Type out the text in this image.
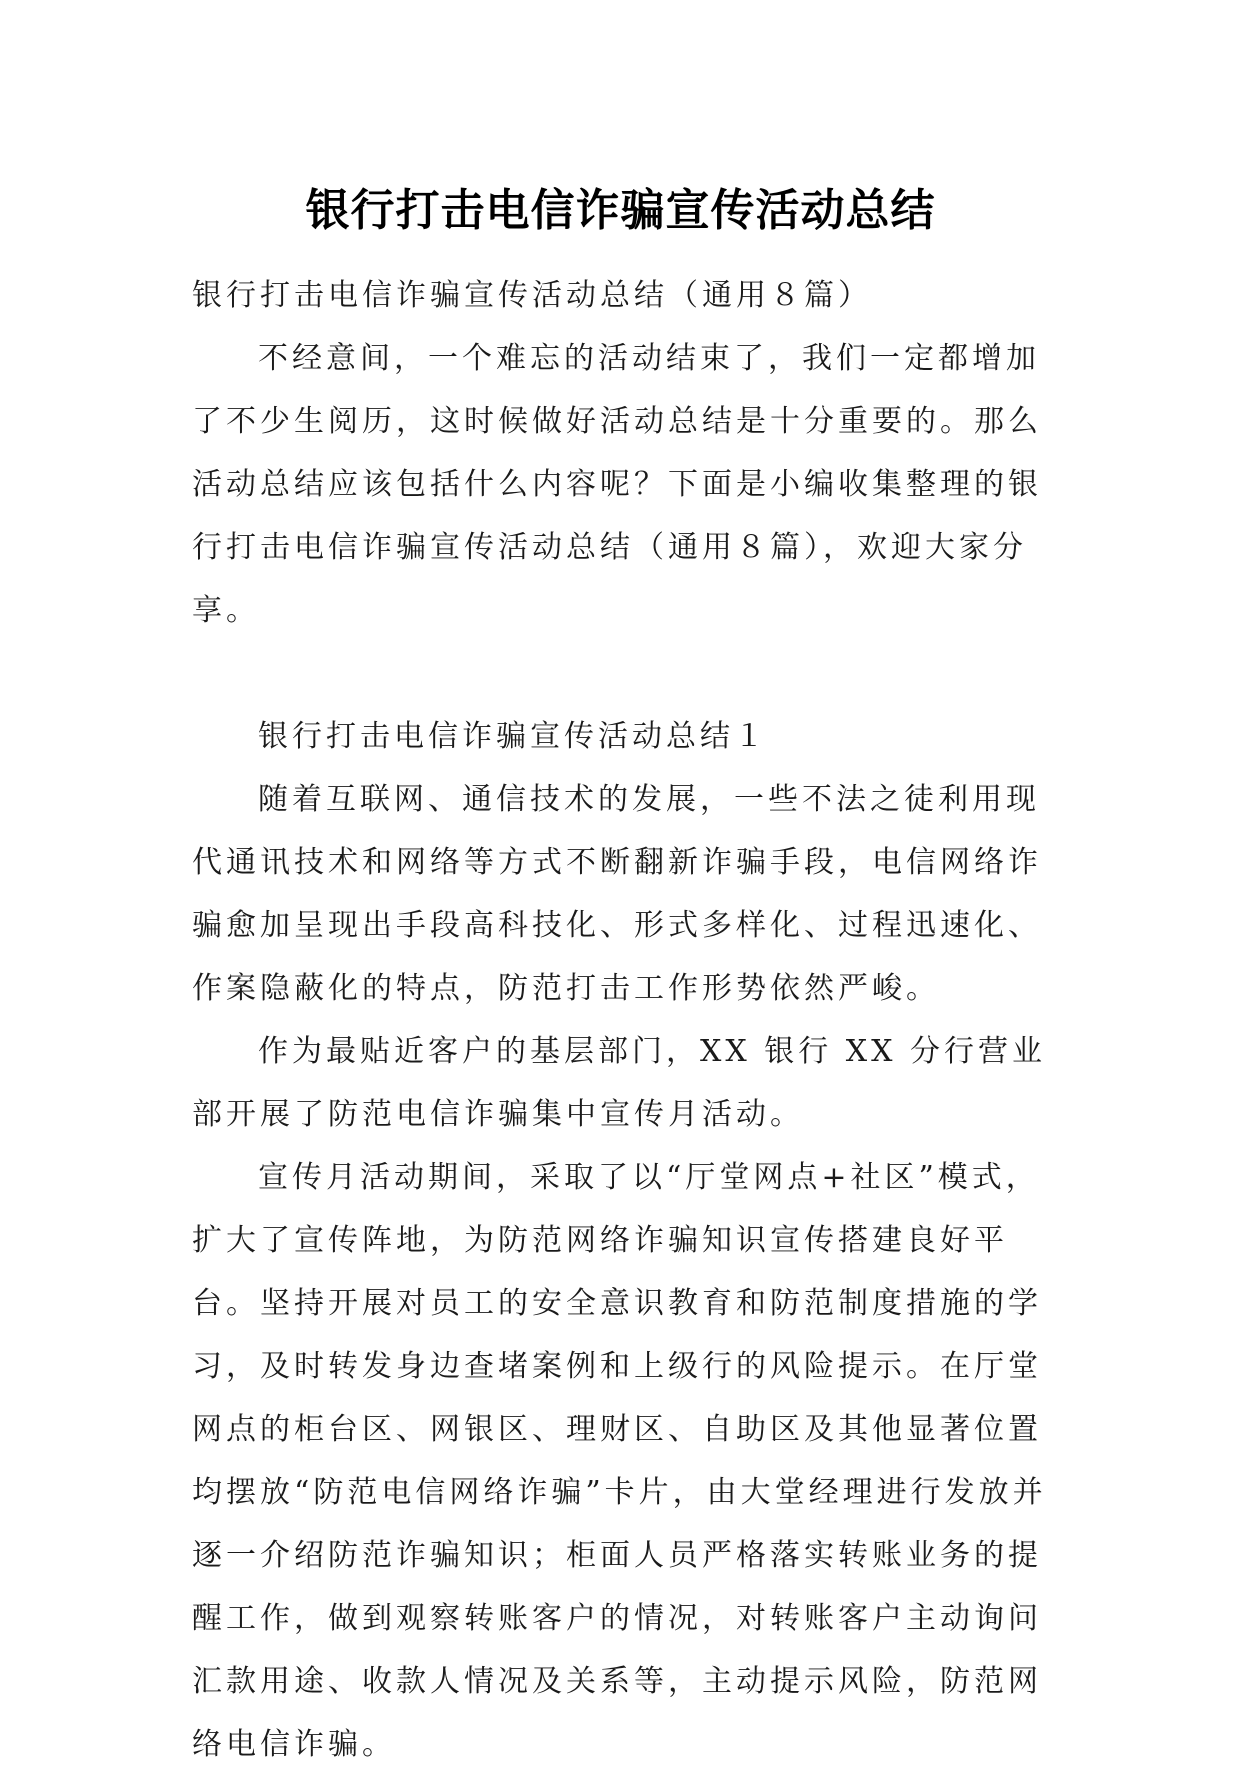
银行打击电信诈骗宣传活动总结

银行打击电信诈骗宣传活动总结（通用８篇）

不经意间，一个难忘的活动结束了，我们一定都增加了不少生阅历，这时候做好活动总结是十分重要的。那么活动总结应该包括什么内容呢？下面是小编收集整理的银行打击电信诈骗宣传活动总结（通用８篇），欢迎大家分享。

银行打击电信诈骗宣传活动总结１

随着互联网、通信技术的发展，一些不法之徒利用现代通讯技术和网络等方式不断翻新诈骗手段，电信网络诈骗愈加呈现出手段高科技化、形式多样化、过程迅速化、作案隐蔽化的特点，防范打击工作形势依然严峻。

作为最贴近客户的基层部门，XX 银行 XX 分行营业部开展了防范电信诈骗集中宣传月活动。

宣传月活动期间，采取了以“厅堂网点+社区”模式，扩大了宣传阵地，为防范网络诈骗知识宣传搭建良好平台。坚持开展对员工的安全意识教育和防范制度措施的学习，及时转发身边查堵案例和上级行的风险提示。在厅堂网点的柜台区、网银区、理财区、自助区及其他显著位置均摆放“防范电信网络诈骗”卡片，由大堂经理进行发放并逐一介绍防范诈骗知识；柜面人员严格落实转账业务的提醒工作，做到观察转账客户的情况，对转账客户主动询问汇款用途、收款人情况及关系等，主动提示风险，防范网络电信诈骗。
